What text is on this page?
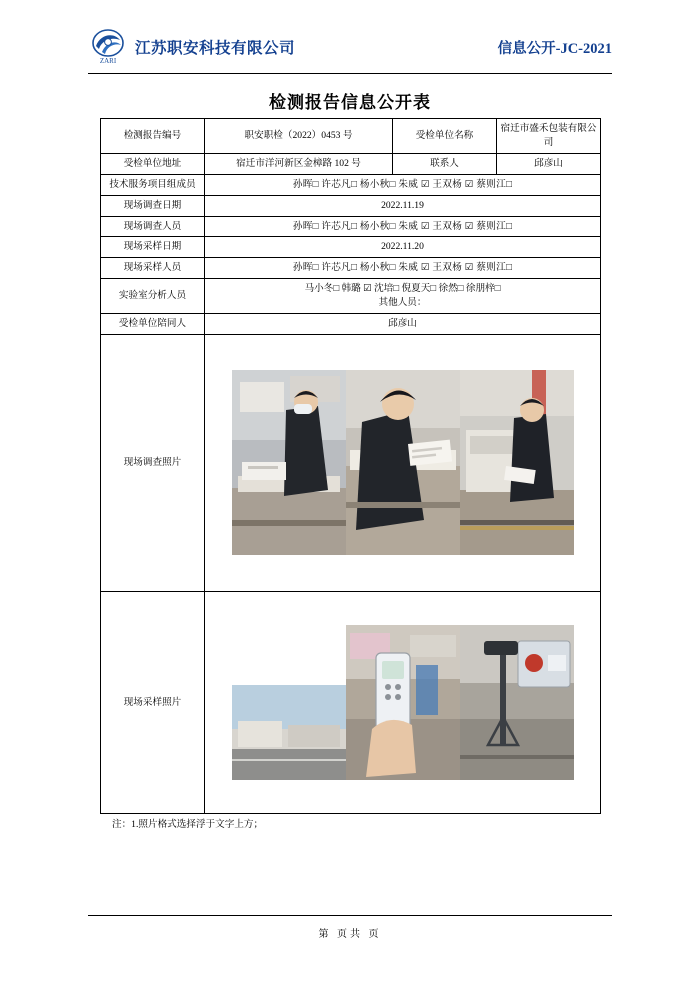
ZARI
江苏职安科技有限公司	信息公开-JC-2021
检测报告信息公开表
检测报告编号	职安职检（2022）0453 号	受检单位名称	宿迁市盛禾包装有限公司
受检单位地址	宿迁市洋河新区金樟路 102 号	联系人	邱彦山
技术服务项目组成员	孙晖□ 许芯凡□ 杨小秋□ 朱威 ☑ 王双杨 ☑ 蔡则江□		
现场调查日期	2022.11.19		
现场调查人员	孙晖□ 许芯凡□ 杨小秋□ 朱威 ☑ 王双杨 ☑ 蔡则江□		
现场采样日期	2022.11.20		
现场采样人员	孙晖□ 许芯凡□ 杨小秋□ 朱威 ☑ 王双杨 ☑ 蔡则江□		
实验室分析人员	马小冬□ 韩璐 ☑ 沈培□ 倪夏天□ 徐然□ 徐朋梓□
其他人员：		

受检单位陪同人	邱彦山		
现场调查照片	

现场采样照片	
注：1.照片格式选择浮于文字上方；
第 页共 页
